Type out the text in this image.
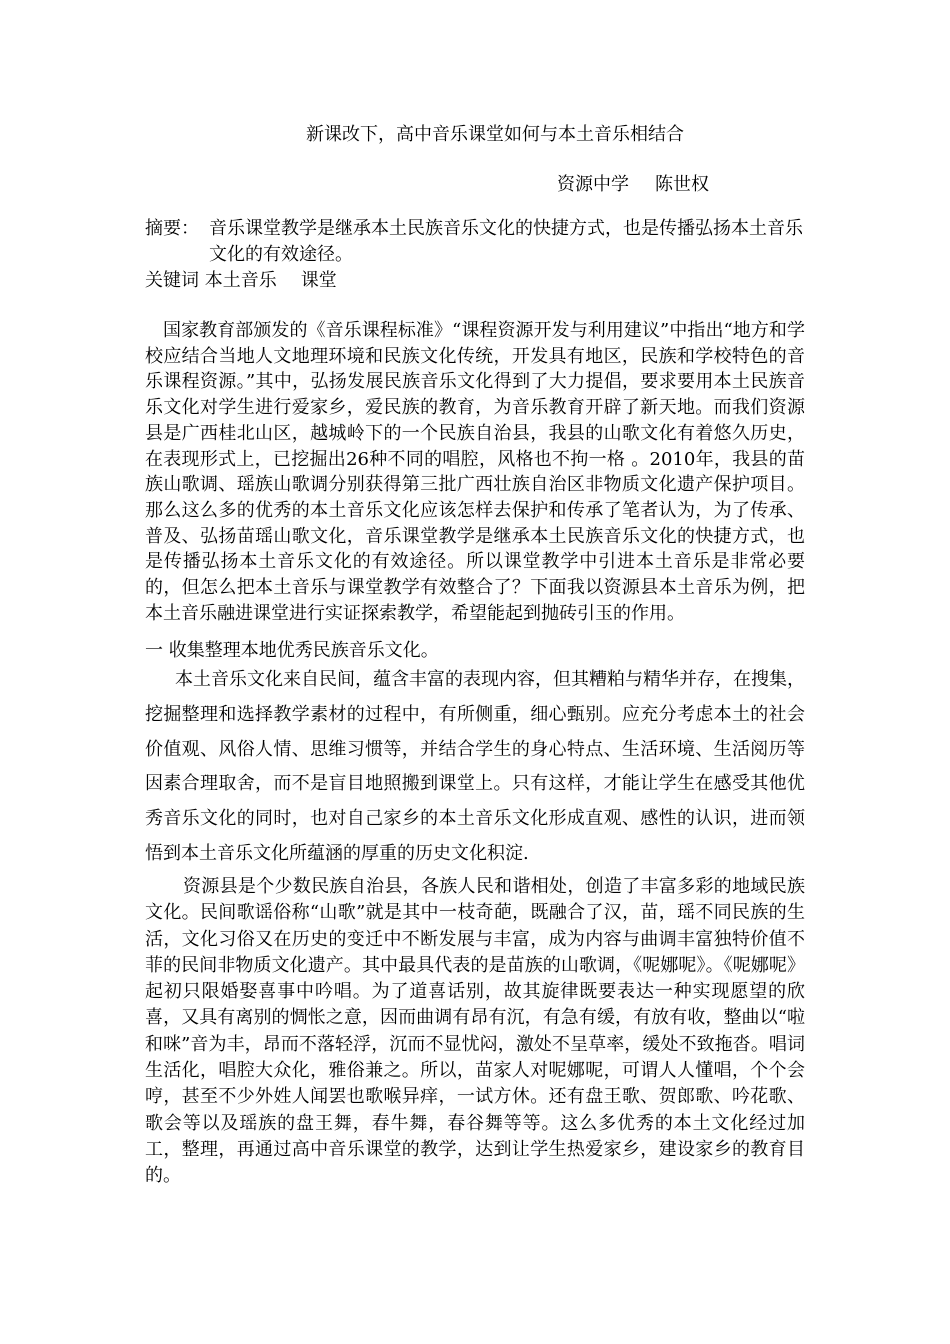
新课改下，高中音乐课堂如何与本土音乐相结合
资源中学 陈世权
摘要： 音乐课堂教学是继承本土民族音乐文化的快捷方式，也是传播弘扬本土音乐文化的有效途径。
关键词 本土音乐 课堂
国家教育部颁发的《音乐课程标准》“课程资源开发与利用建议”中指出“地方和学校应结合当地人文地理环境和民族文化传统，开发具有地区，民族和学校特色的音乐课程资源。”其中，弘扬发展民族音乐文化得到了大力提倡，要求要用本土民族音乐文化对学生进行爱家乡，爱民族的教育，为音乐教育开辟了新天地。而我们资源县是广西桂北山区，越城岭下的一个民族自治县，我县的山歌文化有着悠久历史，在表现形式上，已挖掘出26种不同的唱腔，风格也不拘一格 。2010年，我县的苗族山歌调、瑶族山歌调分别获得第三批广西壮族自治区非物质文化遗产保护项目。那么这么多的优秀的本土音乐文化应该怎样去保护和传承了笔者认为，为了传承、普及、弘扬苗瑶山歌文化，音乐课堂教学是继承本土民族音乐文化的快捷方式，也是传播弘扬本土音乐文化的有效途径。所以课堂教学中引进本土音乐是非常必要的，但怎么把本土音乐与课堂教学有效整合了？下面我以资源县本土音乐为例，把本土音乐融进课堂进行实证探索教学，希望能起到抛砖引玉的作用。
一 收集整理本地优秀民族音乐文化。
本土音乐文化来自民间，蕴含丰富的表现内容，但其糟粕与精华并存，在搜集，挖掘整理和选择教学素材的过程中，有所侧重，细心甄别。应充分考虑本土的社会 价值观、风俗人情、思维习惯等，并结合学生的身心特点、生活环境、生活阅历等因素合理取舍，而不是盲目地照搬到课堂上。只有这样，才能让学生在感受其他优秀音乐文化的同时，也对自己家乡的本土音乐文化形成直观、感性的认识，进而领悟到本土音乐文化所蕴涵的厚重的历史文化积淀.
资源县是个少数民族自治县，各族人民和谐相处，创造了丰富多彩的地域民族文化。民间歌谣俗称“山歌”就是其中一枝奇葩，既融合了汉，苗，瑶不同民族的生活，文化习俗又在历史的变迁中不断发展与丰富，成为内容与曲调丰富独特价值不菲的民间非物质文化遗产。其中最具代表的是苗族的山歌调，《呢娜呢》。《呢娜呢》起初只限婚娶喜事中吟唱。为了道喜话别，故其旋律既要表达一种实现愿望的欣喜，又具有离别的惆怅之意，因而曲调有昂有沉，有急有缓，有放有收，整曲以“啦和咪”音为丰，昂而不落轻浮，沉而不显忧闷，激处不呈草率，缓处不致拖沓。唱词生活化，唱腔大众化，雅俗兼之。所以，苗家人对呢娜呢，可谓人人懂唱，个个会哼，甚至不少外姓人闻罢也歌喉异痒，一试方休。还有盘王歌、贺郎歌、吟花歌、歌会等以及瑶族的盘王舞，春牛舞，春谷舞等等。这么多优秀的本土文化经过加工，整理，再通过高中音乐课堂的教学，达到让学生热爱家乡，建设家乡的教育目的。
